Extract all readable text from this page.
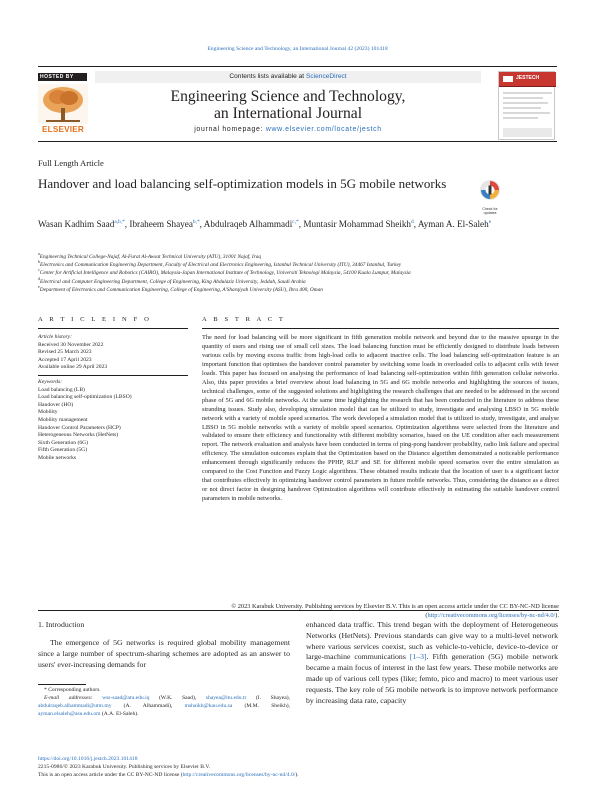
Engineering Science and Technology, an International Journal 42 (2023) 101418
HOSTED BY
ELSEVIER
Contents lists available at ScienceDirect
Engineering Science and Technology,
an International Journal
journal homepage: www.elsevier.com/locate/jestch
JESTECH
Full Length Article
Handover and load balancing self-optimization models in 5G mobile networks
Check for
updates
Wasan Kadhim Saad$^{a,b,*}$, Ibraheem Shayea$^{b,*}$, Abdulraqeb Alhammadi$^{c,*}$, Muntasir Mohammad Sheikh$^d$, Ayman A. El-Saleh$^e$
$^a$Engineering Technical College-Najaf, Al-Furat Al-Awsat Technical University (ATU), 31001 Najaf, Iraq
$^b$Electronics and Communication Engineering Department, Faculty of Electrical and Electronics Engineering, Istanbul Technical University (ITU), 34467 Istanbul, Turkey
$^c$Center for Artificial Intelligence and Robotics (CAIRO), Malaysia-Japan International Institute of Technology, Universiti Teknologi Malaysia, 54100 Kuala Lumpur, Malaysia
$^d$Electrical and Computer Engineering Department, College of Engineering, King Abdulaziz University, Jeddah, Saudi Arabia
$^e$Department of Electronics and Communication Engineering, College of Engineering, A'Sharqiyah University (ASU), Ibra 400, Oman
A R T I C L E I N F O	A B S T R A C T
Article history:
Received 30 November 2022
Revised 25 March 2023
Accepted 17 April 2023
Available online 29 April 2023
Keywords:
Load balancing (LB)
Load balancing self-optimization (LBSO)
Handover (HO)
Mobility
Mobility management
Handover Control Parameters (HCP)
Heterogeneous Networks (HetNets)
Sixth Generation (6G)
Fifth Generation (5G)
Mobile networks
The need for load balancing will be more significant in fifth generation mobile network and beyond due to the massive upsurge in the quantity of users and rising use of small cell sizes. The load balancing function must be efficiently designed to distribute loads between various cells by moving excess traffic from high-load cells to adjacent inactive cells. The load balancing self-optimization feature is an important function that optimises the handover control parameter by switching some loads in overloaded cells to adjacent cells with fewer loads. This paper has focused on analysing the performance of load balancing self-optimization within fifth generation cellular networks. Also, this paper provides a brief overview about load balancing in 5G and 6G mobile networks and highlighting the sources of issues, technical challenges, some of the suggested solutions and highlighting the research challenges that are needed to be addressed in the second phase of 5G and 6G mobile networks. At the same time highlighting the research that has been conducted in the literature to address these stranding issues. Study also, developing simulation model that can be utilized to study, investigate and analysing LBSO in 5G mobile network with a variety of mobile speed scenarios. The work developed a simulation model that is utilized to study, investigate, and analyse LBSO in 5G mobile networks with a variety of mobile speed scenarios. Optimization algorithms were selected from the literature and validated to ensure their efficiency and functionality with different mobility scenarios, based on the UE condition after each measurement report. The network evaluation and analysis have been conducted in terms of ping-pong handover probability, radio link failure and spectral efficiency. The simulation outcomes explain that the Optimization based on the Distance algorithm demonstrated a noticeable performance enhancement through significantly reduces the PPHP, RLF and SE for different mobile speed scenarios over the entire simulation as compared to the Cost Function and Fuzzy Logic algorithms. These obtained results indicate that the location of user is a significant factor that contributes effectively in optimizing handover control parameters in future mobile networks. Thus, considering the distance as a direct or not direct factor in designing handover Optimization algorithms will contribute effectively in estimating the suitable handover control parameters in mobile networks.
© 2023 Karabuk University. Publishing services by Elsevier B.V. This is an open access article under the CC BY-NC-ND license (http://creativecommons.org/licenses/by-nc-nd/4.0/).
1. Introduction
The emergence of 5G networks is required global mobility management since a large number of spectrum-sharing schemes are adopted as an answer to users' ever-increasing demands for
enhanced data traffic. This trend began with the deployment of Heterogeneous Networks (HetNets). Previous standards can give way to a multi-level network where various services coexist, such as vehicle-to-vehicle, device-to-device or large-machine communications [1–3]. Fifth generation (5G) mobile network became a main focus of interest in the last few years. These mobile networks are made up of various cell types (like; femto, pico and macro) to meet various user requests. The key role of 5G mobile network is to improve network performance by increasing data rate, capacity
* Corresponding authors.
E-mail addresses: wss-saad@atu.edu.iq (W.K. Saad), shayea@itu.edu.tr (I. Shayea), abdulraqeb.alhammadi@utm.my (A. Alhammadi), mshaikh@kau.edu.sa (M.M. Sheikh), ayman.elsaleh@asu.edu.om (A.A. El-Saleh).
https://doi.org/10.1016/j.jestch.2023.101418
2215-0986/© 2023 Karabuk University. Publishing services by Elsevier B.V.
This is an open access article under the CC BY-NC-ND license (http://creativecommons.org/licenses/by-nc-nd/4.0/).
